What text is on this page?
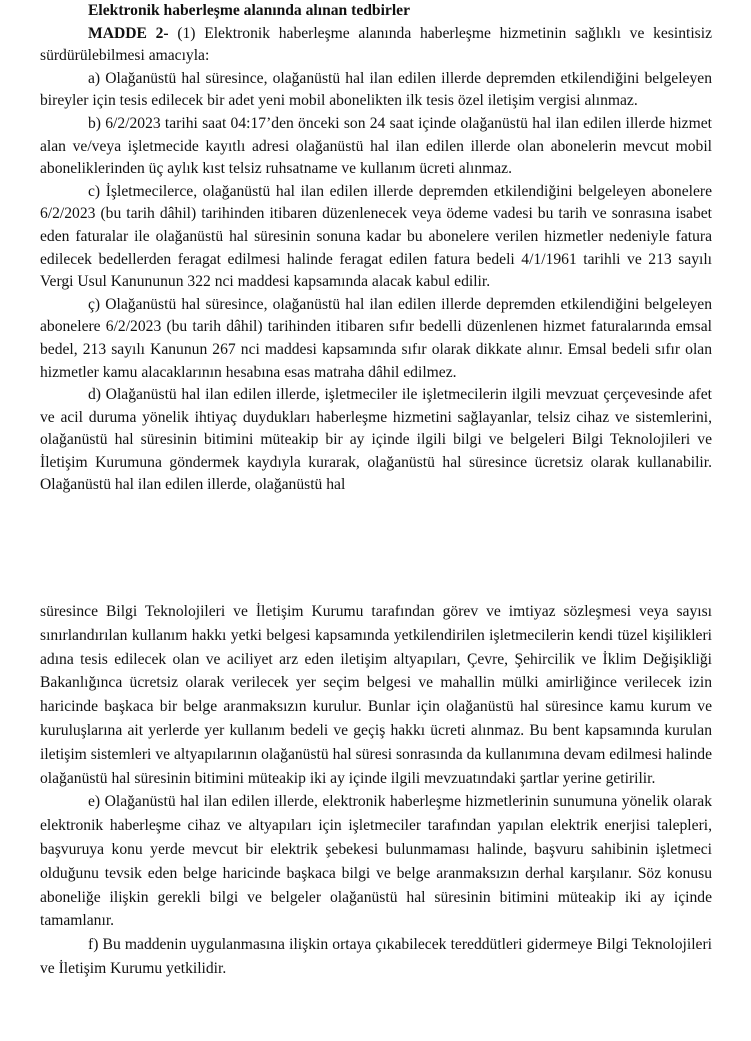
Elektronik haberleşme alanında alınan tedbirler

MADDE 2- (1) Elektronik haberleşme alanında haberleşme hizmetinin sağlıklı ve kesintisiz sürdürülebilmesi amacıyla:

a) Olağanüstü hal süresince, olağanüstü hal ilan edilen illerde depremden etkilendiğini belgeleyen bireyler için tesis edilecek bir adet yeni mobil abonelikten ilk tesis özel iletişim vergisi alınmaz.

b) 6/2/2023 tarihi saat 04:17’den önceki son 24 saat içinde olağanüstü hal ilan edilen illerde hizmet alan ve/veya işletmecide kayıtlı adresi olağanüstü hal ilan edilen illerde olan abonelerin mevcut mobil aboneliklerinden üç aylık kıst telsiz ruhsatname ve kullanım ücreti alınmaz.

c) İşletmecilerce, olağanüstü hal ilan edilen illerde depremden etkilendiğini belgeleyen abonelere 6/2/2023 (bu tarih dâhil) tarihinden itibaren düzenlenecek veya ödeme vadesi bu tarih ve sonrasına isabet eden faturalar ile olağanüstü hal süresinin sonuna kadar bu abonelere verilen hizmetler nedeniyle fatura edilecek bedellerden feragat edilmesi halinde feragat edilen fatura bedeli 4/1/1961 tarihli ve 213 sayılı Vergi Usul Kanununun 322 nci maddesi kapsamında alacak kabul edilir.

ç) Olağanüstü hal süresince, olağanüstü hal ilan edilen illerde depremden etkilendiğini belgeleyen abonelere 6/2/2023 (bu tarih dâhil) tarihinden itibaren sıfır bedelli düzenlenen hizmet faturalarında emsal bedel, 213 sayılı Kanunun 267 nci maddesi kapsamında sıfır olarak dikkate alınır. Emsal bedeli sıfır olan hizmetler kamu alacaklarının hesabına esas matraha dâhil edilmez.

d) Olağanüstü hal ilan edilen illerde, işletmeciler ile işletmecilerin ilgili mevzuat çerçevesinde afet ve acil duruma yönelik ihtiyaç duydukları haberleşme hizmetini sağlayanlar, telsiz cihaz ve sistemlerini, olağanüstü hal süresinin bitimini müteakip bir ay içinde ilgili bilgi ve belgeleri Bilgi Teknolojileri ve İletişim Kurumuna göndermek kaydıyla kurarak, olağanüstü hal süresince ücretsiz olarak kullanabilir. Olağanüstü hal ilan edilen illerde, olağanüstü hal

süresince Bilgi Teknolojileri ve İletişim Kurumu tarafından görev ve imtiyaz sözleşmesi veya sayısı sınırlandırılan kullanım hakkı yetki belgesi kapsamında yetkilendirilen işletmecilerin kendi tüzel kişilikleri adına tesis edilecek olan ve aciliyet arz eden iletişim altyapıları, Çevre, Şehircilik ve İklim Değişikliği Bakanlığınca ücretsiz olarak verilecek yer seçim belgesi ve mahallin mülki amirliğince verilecek izin haricinde başkaca bir belge aranmaksızın kurulur. Bunlar için olağanüstü hal süresince kamu kurum ve kuruluşlarına ait yerlerde yer kullanım bedeli ve geçiş hakkı ücreti alınmaz. Bu bent kapsamında kurulan iletişim sistemleri ve altyapılarının olağanüstü hal süresi sonrasında da kullanımına devam edilmesi halinde olağanüstü hal süresinin bitimini müteakip iki ay içinde ilgili mevzuatındaki şartlar yerine getirilir.

e) Olağanüstü hal ilan edilen illerde, elektronik haberleşme hizmetlerinin sunumuna yönelik olarak elektronik haberleşme cihaz ve altyapıları için işletmeciler tarafından yapılan elektrik enerjisi talepleri, başvuruya konu yerde mevcut bir elektrik şebekesi bulunmaması halinde, başvuru sahibinin işletmeci olduğunu tevsik eden belge haricinde başkaca bilgi ve belge aranmaksızın derhal karşılanır. Söz konusu aboneliğe ilişkin gerekli bilgi ve belgeler olağanüstü hal süresinin bitimini müteakip iki ay içinde tamamlanır.

f) Bu maddenin uygulanmasına ilişkin ortaya çıkabilecek tereddütleri gidermeye Bilgi Teknolojileri ve İletişim Kurumu yetkilidir.
